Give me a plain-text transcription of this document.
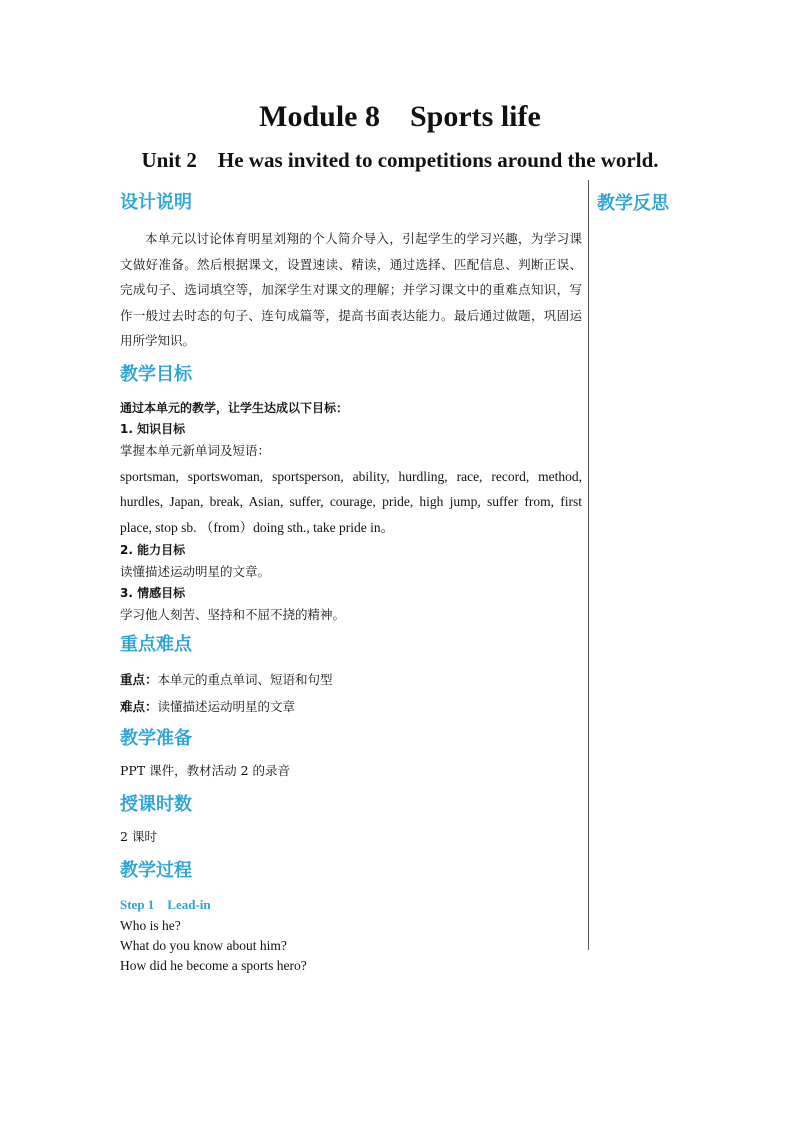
Module 8    Sports life
Unit 2    He was invited to competitions around the world.
教学反思

设计说明

本单元以讨论体育明星刘翔的个人简介导入，引起学生的学习兴趣，为学习课文做好准备。然后根据课文，设置速读、精读，通过选择、匹配信息、判断正误、完成句子、选词填空等，加深学生对课文的理解；并学习课文中的重难点知识，写作一般过去时态的句子、连句成篇等，提高书面表达能力。最后通过做题，巩固运用所学知识。

教学目标

通过本单元的教学，让学生达成以下目标：

1. 知识目标

掌握本单元新单词及短语：

sportsman, sportswoman, sportsperson, ability, hurdling, race, record, method, hurdles, Japan, break, Asian, suffer, courage, pride, high jump, suffer from, first place, stop sb. （from）doing sth., take pride in。

2. 能力目标

读懂描述运动明星的文章。

3. 情感目标

学习他人刻苦、坚持和不屈不挠的精神。

重点难点

重点：本单元的重点单词、短语和句型

难点：读懂描述运动明星的文章

教学准备

PPT 课件，教材活动 2 的录音

授课时数

2 课时

教学过程

Step 1    Lead-in

Who is he?

What do you know about him?

How did he become a sports hero?
